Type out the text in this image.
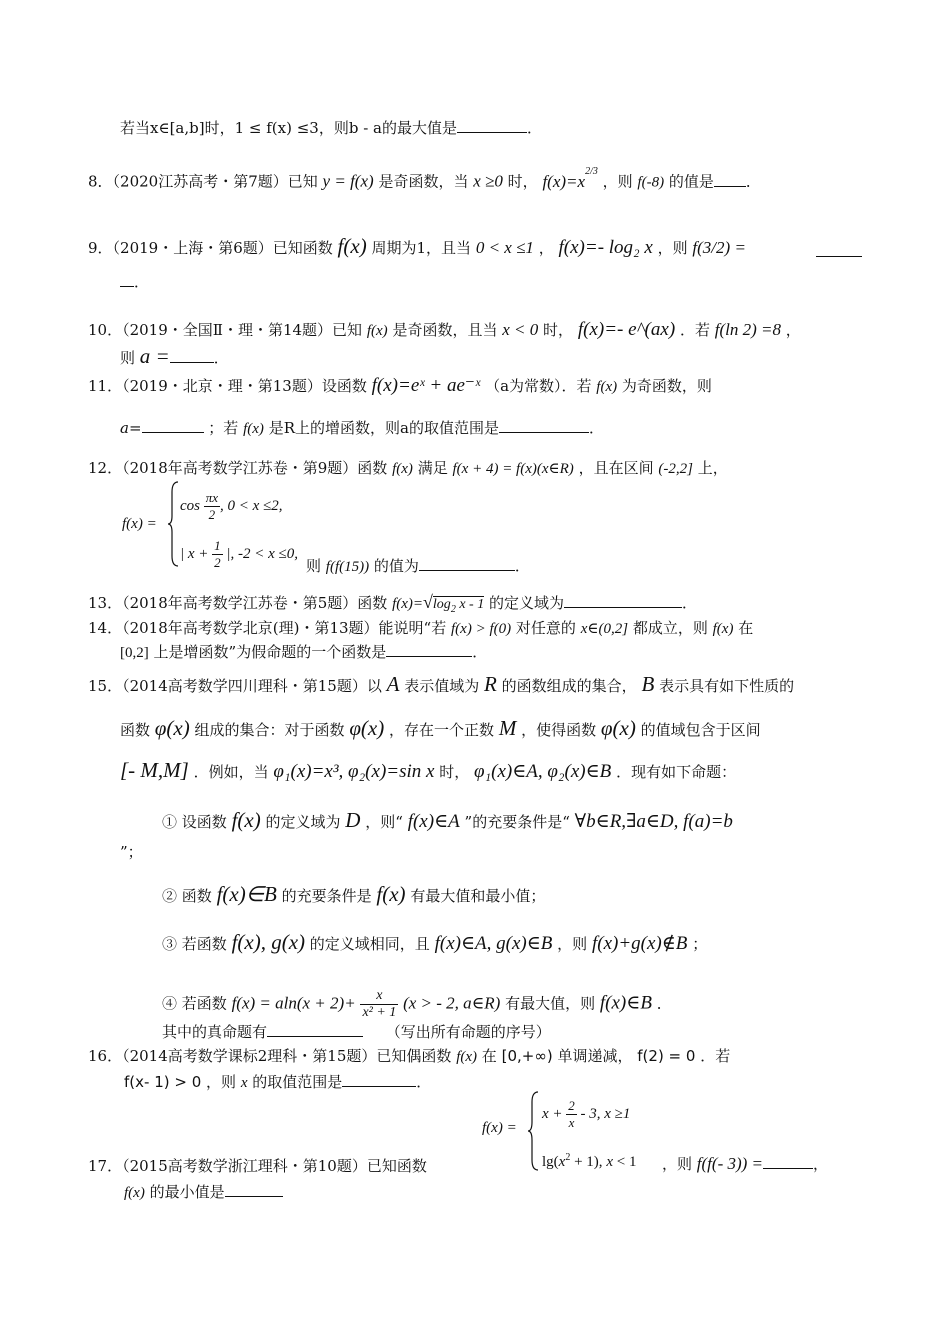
若当x∈[a,b]时，1 ≤ f(x) ≤3，则b - a的最大值是	．
8．（2020江苏高考・第7题）已知 y = f(x) 是奇函数，当 x ≥0 时， $f(x)=x^{2/3}$ ，则 f(-8) 的值是 ．
9．（2019・上海・第6题）已知函数 f(x) 周期为1，且当 0 < x ≤1 ， f(x)=- log₂ x ，则 f(3/2) =
．
10．（2019・全国Ⅱ・理・第14题）已知 f(x) 是奇函数，且当 x < 0 时， f(x)=- e^(ax) ．若 f(ln 2) =8 ，
则 a =	．
11．（2019・北京・理・第13题）设函数 f(x)=eˣ + ae⁻ˣ （a为常数）．若 f(x) 为奇函数，则
a=	；若 f(x) 是R上的增函数，则a的取值范围是	．
12．（2018年高考数学江苏卷・第9题）函数 f(x) 满足 f(x + 4) = f(x)(x∈R) ，且在区间 (-2,2] 上，
f(x) =
$\cos \frac{\pi x}{2}$ , 0 < x ≤2,
| $x + \frac{1}{2}$ |, -2 < x ≤0,
则 f(f(15)) 的值为	．
13．（2018年高考数学江苏卷・第5题）函数 $f(x)=√\log_2$ x - 1 的定义域为	．
14．（2018年高考数学北京(理)・第13题）能说明“若 f(x) > f(0) 对任意的 x∈(0,2] 都成立，则 f(x) 在
[0,2] 上是增函数”为假命题的一个函数是	．
15．（2014高考数学四川理科・第15题）以 A 表示值域为 R 的函数组成的集合， B 表示具有如下性质的
函数 φ(x) 组成的集合：对于函数 φ(x) ，存在一个正数 M ，使得函数 φ(x) 的值域包含于区间
[- M,M] ．例如，当 φ₁(x)=x³, φ₂(x)=sin x 时， φ₁(x)∈A, φ₂(x)∈B ．现有如下命题：
① 设函数 f(x) 的定义域为 D ，则“ f(x)∈A ”的充要条件是“ ∀b∈R,∃a∈D, f(a)=b
”；
② 函数 f(x)∈B 的充要条件是 f(x) 有最大值和最小值；
③ 若函数 f(x), g(x) 的定义域相同，且 f(x)∈A, g(x)∈B ，则 f(x)+g(x)∉B ；
④ 若函数 $f(x) = aln(x + 2)+ \frac{x}{\text{x² + 1}} (x$ > - 2, a∈R) 有最大值，则 f(x)∈B ．
其中的真命题有	（写出所有命题的序号）
16．（2014高考数学课标2理科・第15题）已知偶函数 f(x) 在 [0,+∞) 单调递减， f(2) = 0 ．若
f(x- 1) > 0 ，则 x 的取值范围是	．
f(x) =
$x + \frac{2}{x} - 3$, x ≥1
$\lg(x^2 + 1)$, x < 1
17．（2015高考数学浙江理科・第10题）已知函数	，则 f(f(- 3)) =	，
f(x) 的最小值是
